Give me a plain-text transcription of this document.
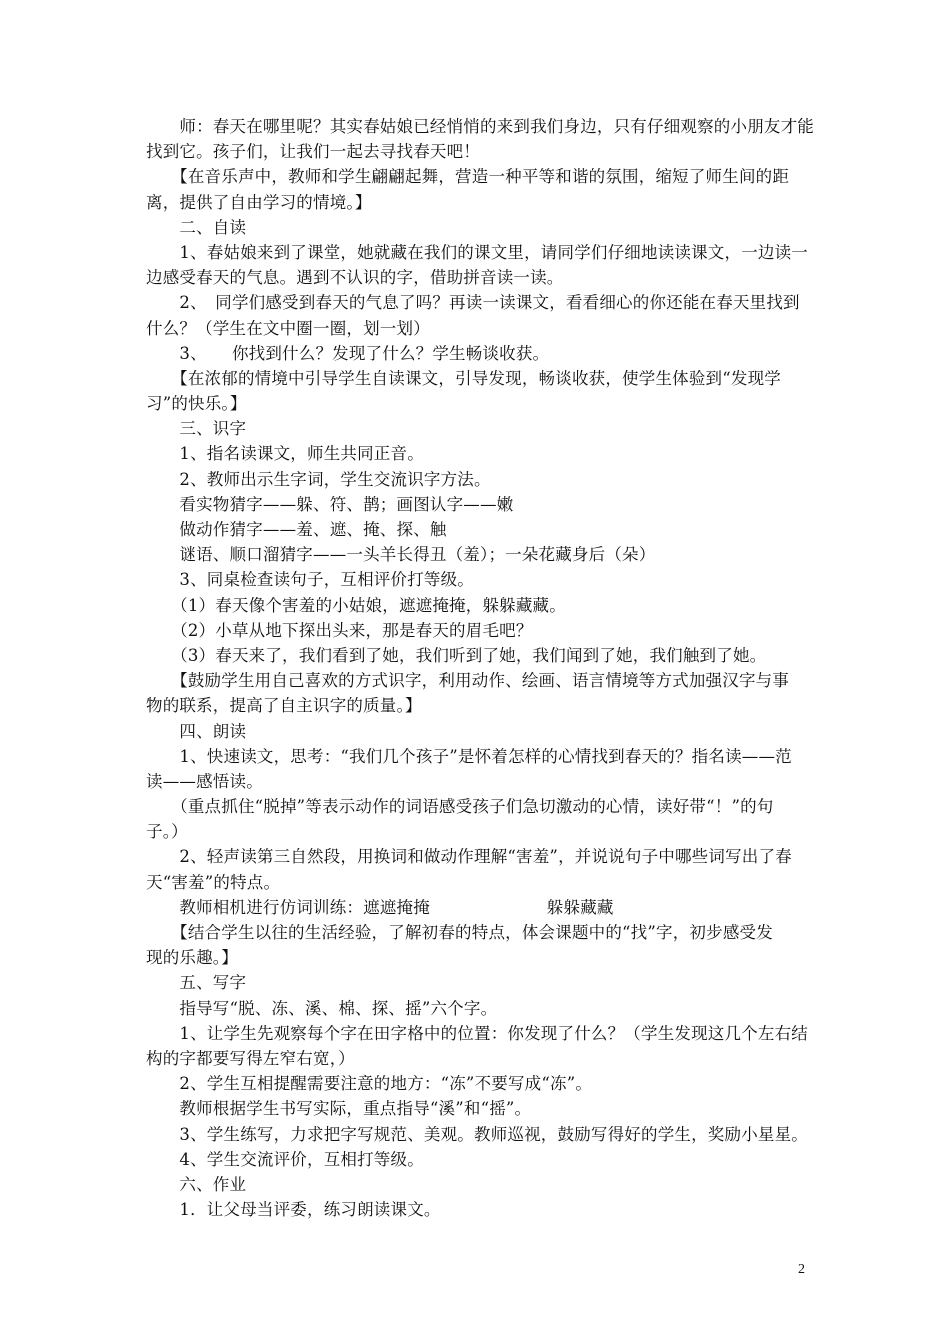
　　师：春天在哪里呢？其实春姑娘已经悄悄的来到我们身边，只有仔细观察的小朋友才能
找到它。孩子们，让我们一起去寻找春天吧！
　　【在音乐声中，教师和学生翩翩起舞，营造一种平等和谐的氛围，缩短了师生间的距
离，提供了自由学习的情境。】
　　二、自读
　　1、春姑娘来到了课堂，她就藏在我们的课文里，请同学们仔细地读读课文，一边读一
边感受春天的气息。遇到不认识的字，借助拼音读一读。
　　2、　同学们感受到春天的气息了吗？再读一读课文，看看细心的你还能在春天里找到
什么？（学生在文中圈一圈，划一划）
　　3、　　你找到什么？发现了什么？学生畅谈收获。
　　【在浓郁的情境中引导学生自读课文，引导发现，畅谈收获，使学生体验到“发现学
习”的快乐。】
　　三、识字
　　1、指名读课文，师生共同正音。
　　2、教师出示生字词，学生交流识字方法。
　　看实物猜字——躲、符、鹊；画图认字——嫩
　　做动作猜字——羞、遮、掩、探、触
　　谜语、顺口溜猜字——一头羊长得丑（羞）；一朵花藏身后（朵）
　　3、同桌检查读句子，互相评价打等级。
　　（1）春天像个害羞的小姑娘，遮遮掩掩，躲躲藏藏。
　　（2）小草从地下探出头来，那是春天的眉毛吧？
　　（3）春天来了，我们看到了她，我们听到了她，我们闻到了她，我们触到了她。
　　【鼓励学生用自己喜欢的方式识字，利用动作、绘画、语言情境等方式加强汉字与事
物的联系，提高了自主识字的质量。】
　　四、朗读
　　1、快速读文，思考：“我们几个孩子”是怀着怎样的心情找到春天的？指名读——范
读——感悟读。
　　（重点抓住“脱掉”等表示动作的词语感受孩子们急切激动的心情，读好带“！”的句
子。）
　　2、轻声读第三自然段，用换词和做动作理解“害羞”，并说说句子中哪些词写出了春
天“害羞”的特点。
　　教师相机进行仿词训练：遮遮掩掩　　　　　　　躲躲藏藏
　　【结合学生以往的生活经验，了解初春的特点，体会课题中的“找”字，初步感受发
现的乐趣。】
　　五、写字
　　指导写“脱、冻、溪、棉、探、摇”六个字。
　　1、让学生先观察每个字在田字格中的位置：你发现了什么？（学生发现这几个左右结
构的字都要写得左窄右宽，）
　　2、学生互相提醒需要注意的地方：“冻”不要写成“冻”。
　　教师根据学生书写实际，重点指导“溪”和“摇”。
　　3、学生练写，力求把字写规范、美观。教师巡视，鼓励写得好的学生，奖励小星星。
　　4、学生交流评价，互相打等级。
　　六、作业
　　1．让父母当评委，练习朗读课文。
2
